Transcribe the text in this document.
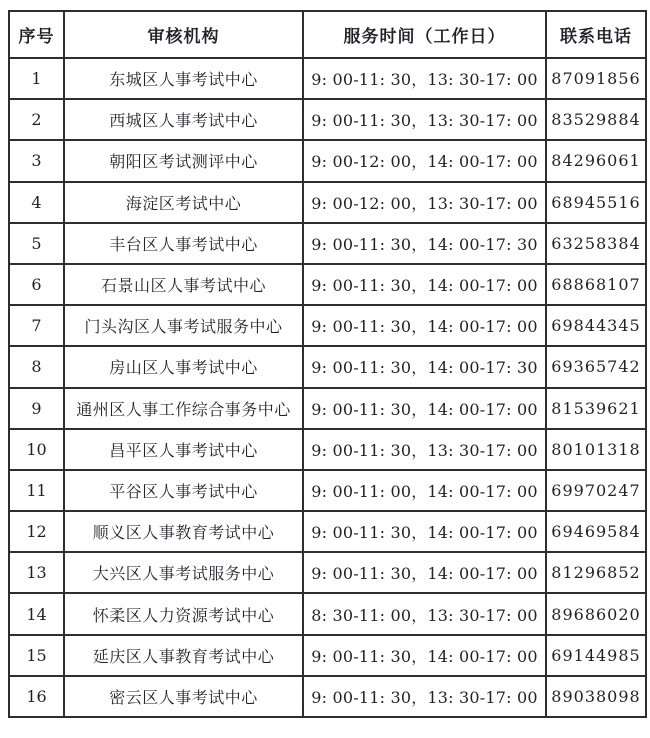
序号	审核机构	服务时间（工作日）	联系电话
1	东城区人事考试中心	9: 00-11: 30，13: 30-17: 00	87091856
2	西城区人事考试中心	9: 00-11: 30，13: 30-17: 00	83529884
3	朝阳区考试测评中心	9: 00-12: 00，14: 00-17: 00	84296061
4	海淀区考试中心	9: 00-12: 00，13: 30-17: 00	68945516
5	丰台区人事考试中心	9: 00-11: 30，14: 00-17: 30	63258384
6	石景山区人事考试中心	9: 00-11: 30，14: 00-17: 00	68868107
7	门头沟区人事考试服务中心	9: 00-11: 30，14: 00-17: 00	69844345
8	房山区人事考试中心	9: 00-11: 30，14: 00-17: 30	69365742
9	通州区人事工作综合事务中心	9: 00-11: 30，14: 00-17: 00	81539621
10	昌平区人事考试中心	9: 00-11: 30，13: 30-17: 00	80101318
11	平谷区人事考试中心	9: 00-11: 00，14: 00-17: 00	69970247
12	顺义区人事教育考试中心	9: 00-11: 30，14: 00-17: 00	69469584
13	大兴区人事考试服务中心	9: 00-11: 30，14: 00-17: 00	81296852
14	怀柔区人力资源考试中心	8: 30-11: 00，13: 30-17: 00	89686020
15	延庆区人事教育考试中心	9: 00-11: 30，14: 00-17: 00	69144985
16	密云区人事考试中心	9: 00-11: 30，13: 30-17: 00	89038098
